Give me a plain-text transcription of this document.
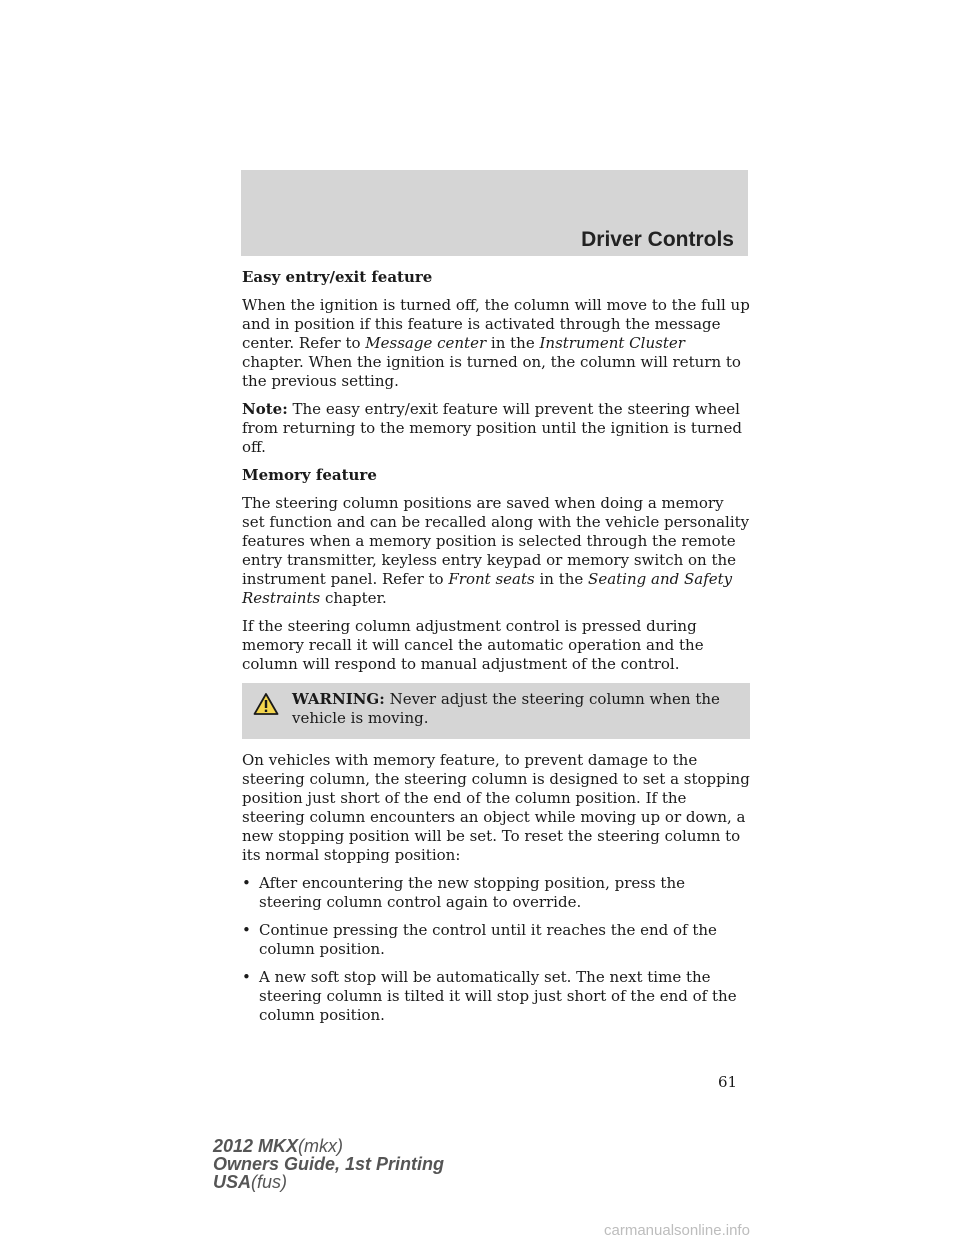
Driver Controls

Easy entry/exit feature

When the ignition is turned off, the column will move to the full up and in position if this feature is activated through the message center. Refer to Message center in the Instrument Cluster chapter. When the ignition is turned on, the column will return to the previous setting.

Note: The easy entry/exit feature will prevent the steering wheel from returning to the memory position until the ignition is turned off.

Memory feature

The steering column positions are saved when doing a memory set function and can be recalled along with the vehicle personality features when a memory position is selected through the remote entry transmitter, keyless entry keypad or memory switch on the instrument panel. Refer to Front seats in the Seating and Safety Restraints chapter.

If the steering column adjustment control is pressed during memory recall it will cancel the automatic operation and the column will respond to manual adjustment of the control.

WARNING: Never adjust the steering column when the vehicle is moving.

On vehicles with memory feature, to prevent damage to the steering column, the steering column is designed to set a stopping position just short of the end of the column position. If the steering column encounters an object while moving up or down, a new stopping position will be set. To reset the steering column to its normal stopping position:

• After encountering the new stopping position, press the steering column control again to override.
• Continue pressing the control until it reaches the end of the column position.
• A new soft stop will be automatically set. The next time the steering column is tilted it will stop just short of the end of the column position.
61
2012 MKX(mkx)
Owners Guide, 1st Printing
USA(fus)
carmanualsonline.info
